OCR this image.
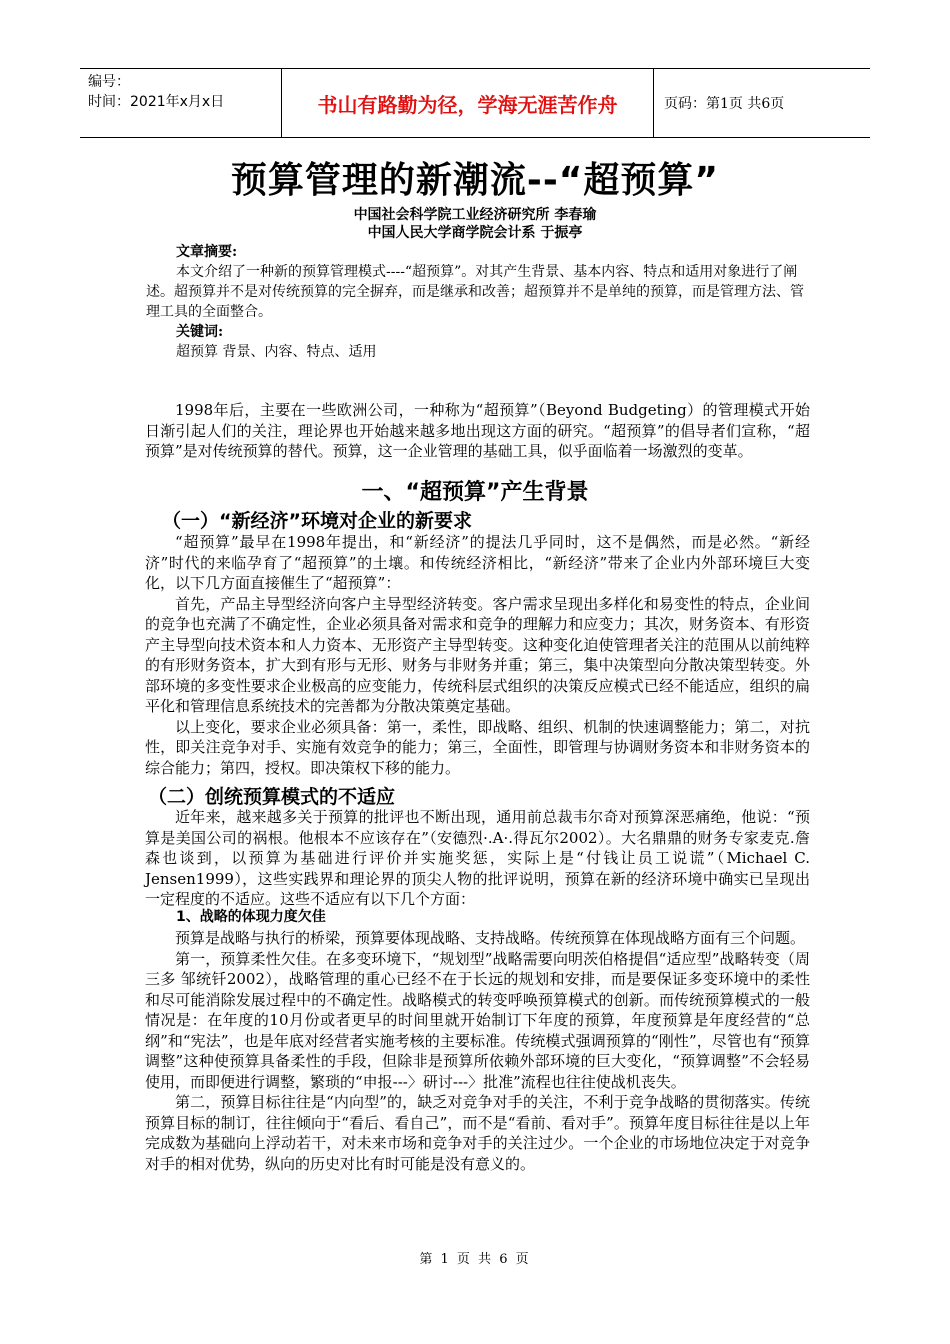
编号：
时间：2021年x月x日	书山有路勤为径，学海无涯苦作舟	页码：第1页 共6页
预算管理的新潮流--“超预算”
中国社会科学院工业经济研究所 李春瑜
中国人民大学商学院会计系 于振亭
文章摘要:
本文介绍了一种新的预算管理模式----“超预算”。对其产生背景、基本内容、特点和适用对象进行了阐述。超预算并不是对传统预算的完全摒弃，而是继承和改善；超预算并不是单纯的预算，而是管理方法、管理工具的全面整合。
关键词:
超预算 背景、内容、特点、适用

1998年后，主要在一些欧洲公司，一种称为“超预算”（Beyond Budgeting）的管理模式开始日渐引起人们的关注，理论界也开始越来越多地出现这方面的研究。“超预算”的倡导者们宣称，“超预算”是对传统预算的替代。预算，这一企业管理的基础工具，似乎面临着一场激烈的变革。

一、“超预算”产生背景
（一）“新经济”环境对企业的新要求

“超预算”最早在1998年提出，和“新经济”的提法几乎同时，这不是偶然，而是必然。“新经济”时代的来临孕育了“超预算”的土壤。和传统经济相比，“新经济”带来了企业内外部环境巨大变化，以下几方面直接催生了“超预算”：

首先，产品主导型经济向客户主导型经济转变。客户需求呈现出多样化和易变性的特点，企业间的竞争也充满了不确定性，企业必须具备对需求和竞争的理解力和应变力；其次，财务资本、有形资产主导型向技术资本和人力资本、无形资产主导型转变。这种变化迫使管理者关注的范围从以前纯粹的有形财务资本，扩大到有形与无形、财务与非财务并重；第三，集中决策型向分散决策型转变。外部环境的多变性要求企业极高的应变能力，传统科层式组织的决策反应模式已经不能适应，组织的扁平化和管理信息系统技术的完善都为分散决策奠定基础。

以上变化，要求企业必须具备：第一，柔性，即战略、组织、机制的快速调整能力；第二，对抗性，即关注竞争对手、实施有效竞争的能力；第三，全面性，即管理与协调财务资本和非财务资本的综合能力；第四，授权。即决策权下移的能力。

（二）创统预算模式的不适应

近年来，越来越多关于预算的批评也不断出现，通用前总裁韦尔奇对预算深恶痛绝，他说：“预算是美国公司的祸根。他根本不应该存在”（安德烈·.A·.得瓦尔2002）。大名鼎鼎的财务专家麦克.詹森也谈到，以预算为基础进行评价并实施奖惩，实际上是“付钱让员工说谎”（Michael C. Jensen1999），这些实践界和理论界的顶尖人物的批评说明，预算在新的经济环境中确实已呈现出一定程度的不适应。这些不适应有以下几个方面：

1、战略的体现力度欠佳

预算是战略与执行的桥梁，预算要体现战略、支持战略。传统预算在体现战略方面有三个问题。

第一，预算柔性欠佳。在多变环境下，“规划型”战略需要向明茨伯格提倡“适应型”战略转变（周三多 邹统钎2002），战略管理的重心已经不在于长远的规划和安排，而是要保证多变环境中的柔性和尽可能消除发展过程中的不确定性。战略模式的转变呼唤预算模式的创新。而传统预算模式的一般情况是：在年度的10月份或者更早的时间里就开始制订下年度的预算，年度预算是年度经营的“总纲”和“宪法”，也是年底对经营者实施考核的主要标准。传统模式强调预算的“刚性”，尽管也有“预算调整”这种使预算具备柔性的手段，但除非是预算所依赖外部环境的巨大变化，“预算调整”不会轻易使用，而即便进行调整，繁琐的“申报---〉研讨---〉批准”流程也往往使战机丧失。

第二，预算目标往往是“内向型”的，缺乏对竞争对手的关注，不利于竞争战略的贯彻落实。传统预算目标的制订，往往倾向于“看后、看自己”，而不是“看前、看对手”。预算年度目标往往是以上年完成数为基础向上浮动若干，对未来市场和竞争对手的关注过少。一个企业的市场地位决定于对竞争对手的相对优势，纵向的历史对比有时可能是没有意义的。

第 1 页 共 6 页
